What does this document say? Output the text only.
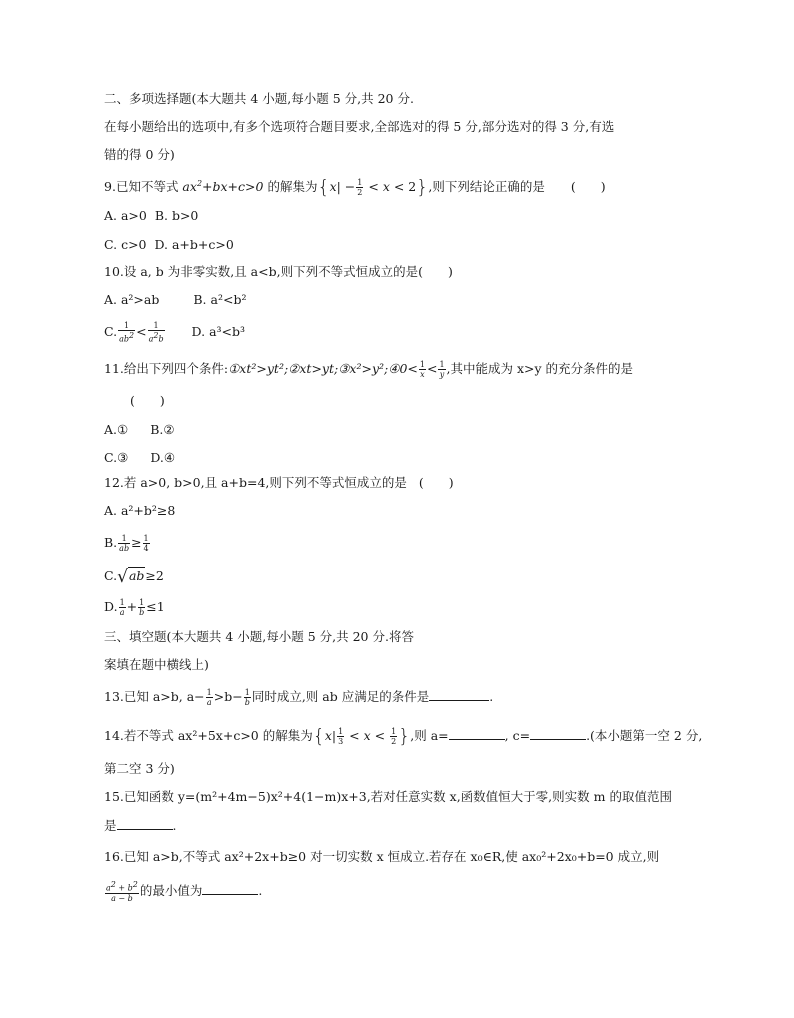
二、多项选择题(本大题共 4 小题,每小题 5 分,共 20 分.
在每小题给出的选项中,有多个选项符合题目要求,全部选对的得 5 分,部分选对的得 3 分,有选
错的得 0 分)
9.已知不等式 $ax^2+bx+c>0$ 的解集为$\{x| - \frac{1}{2} < x < 2\}$,则下列结论正确的是 (　　)
A. a>0 B. b>0
C. c>0 D. a+b+c>0
10.设 a, b 为非零实数,且 a<b,则下列不等式恒成立的是(　　)
A. a²>ab	B. a²<b²
C. $\frac{1}{ab^2} < \frac{1}{a^2b} D$. a³<b³
11.给出下列四个条件:①xt²>yt²;②xt>yt;③x²>y²;④0< $\frac{1}{x} < \frac{1}{y}$ ,其中能成为 x>y 的充分条件的是
(　　)
A.① B.②
C.③ D.④
12.若 a>0, b>0,且 a+b=4,则下列不等式恒成立的是 (　　)
A. a²+b²≥8
B. $\frac{1}{ab} \ge \frac{1}{4}$
C.√ab≥2
D. $\frac{1}{a} + \frac{1}{b} \le 1$
三、填空题(本大题共 4 小题,每小题 5 分,共 20 分.将答
案填在题中横线上)
13.已知 a>b, $a- \frac{1}{a} >b- \frac{1}{b}$ 同时成立,则 ab 应满足的条件是	.
14.若不等式 ax²+5x+c>0 的解集为{$x| \frac{1}{3} < x < \frac{1}{2}$ },则 a=	, c=	.(本小题第一空 2 分,
第二空 3 分)
15.已知函数 y=(m²+4m−5)x²+4(1−m)x+3,若对任意实数 x,函数值恒大于零,则实数 m 的取值范围
是	.
16.已知 a>b,不等式 ax²+2x+b≥0 对一切实数 x 恒成立.若存在 x₀∈R,使 ax₀²+2x₀+b=0 成立,则
$\frac{a^2 + b^2}{a - b}$ 的最小值为	.
